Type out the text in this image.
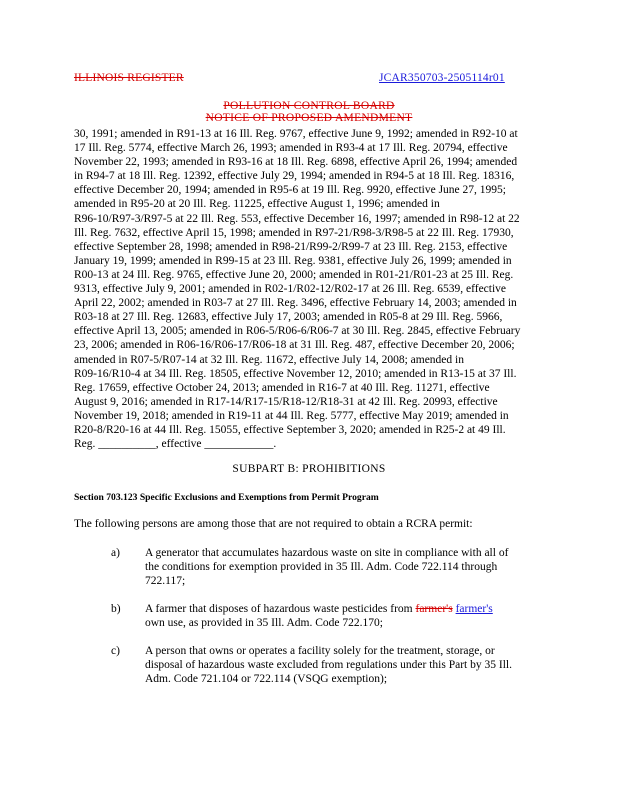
ILLINOIS REGISTER	JCAR350703-2505114r01
POLLUTION CONTROL BOARD
NOTICE OF PROPOSED AMENDMENT
30, 1991; amended in R91-13 at 16 Ill. Reg. 9767, effective June 9, 1992; amended in R92-10 at
17 Ill. Reg. 5774, effective March 26, 1993; amended in R93-4 at 17 Ill. Reg. 20794, effective
November 22, 1993; amended in R93-16 at 18 Ill. Reg. 6898, effective April 26, 1994; amended
in R94-7 at 18 Ill. Reg. 12392, effective July 29, 1994; amended in R94-5 at 18 Ill. Reg. 18316,
effective December 20, 1994; amended in R95-6 at 19 Ill. Reg. 9920, effective June 27, 1995;
amended in R95-20 at 20 Ill. Reg. 11225, effective August 1, 1996; amended in
R96-10/R97-3/R97-5 at 22 Ill. Reg. 553, effective December 16, 1997; amended in R98-12 at 22
Ill. Reg. 7632, effective April 15, 1998; amended in R97-21/R98-3/R98-5 at 22 Ill. Reg. 17930,
effective September 28, 1998; amended in R98-21/R99-2/R99-7 at 23 Ill. Reg. 2153, effective
January 19, 1999; amended in R99-15 at 23 Ill. Reg. 9381, effective July 26, 1999; amended in
R00-13 at 24 Ill. Reg. 9765, effective June 20, 2000; amended in R01-21/R01-23 at 25 Ill. Reg.
9313, effective July 9, 2001; amended in R02-1/R02-12/R02-17 at 26 Ill. Reg. 6539, effective
April 22, 2002; amended in R03-7 at 27 Ill. Reg. 3496, effective February 14, 2003; amended in
R03-18 at 27 Ill. Reg. 12683, effective July 17, 2003; amended in R05-8 at 29 Ill. Reg. 5966,
effective April 13, 2005; amended in R06-5/R06-6/R06-7 at 30 Ill. Reg. 2845, effective February
23, 2006; amended in R06-16/R06-17/R06-18 at 31 Ill. Reg. 487, effective December 20, 2006;
amended in R07-5/R07-14 at 32 Ill. Reg. 11672, effective July 14, 2008; amended in
R09-16/R10-4 at 34 Ill. Reg. 18505, effective November 12, 2010; amended in R13-15 at 37 Ill.
Reg. 17659, effective October 24, 2013; amended in R16-7 at 40 Ill. Reg. 11271, effective
August 9, 2016; amended in R17-14/R17-15/R18-12/R18-31 at 42 Ill. Reg. 20993, effective
November 19, 2018; amended in R19-11 at 44 Ill. Reg. 5777, effective May 2019; amended in
R20-8/R20-16 at 44 Ill. Reg. 15055, effective September 3, 2020; amended in R25-2 at 49 Ill.
Reg. __________, effective ____________.
SUBPART B: PROHIBITIONS
Section 703.123 Specific Exclusions and Exemptions from Permit Program
The following persons are among those that are not required to obtain a RCRA permit:
a) A generator that accumulates hazardous waste on site in compliance with all of
the conditions for exemption provided in 35 Ill. Adm. Code 722.114 through
722.117;
b) A farmer that disposes of hazardous waste pesticides from farmer's farmer's
own use, as provided in 35 Ill. Adm. Code 722.170;
c) A person that owns or operates a facility solely for the treatment, storage, or
disposal of hazardous waste excluded from regulations under this Part by 35 Ill.
Adm. Code 721.104 or 722.114 (VSQG exemption);
